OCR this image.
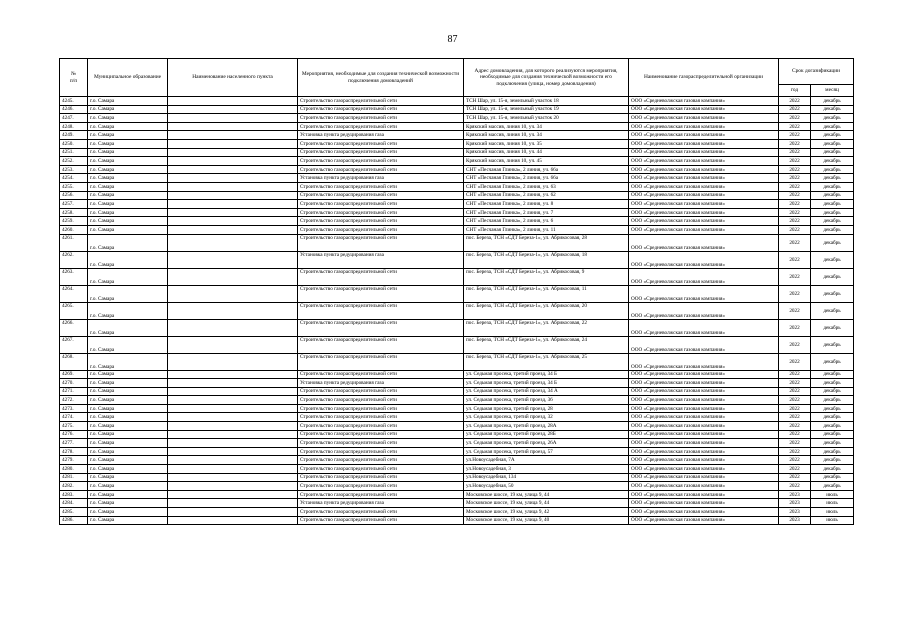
87
№
п/п	Муниципальное образование	Наименование населенного пункта	Мероприятия, необходимые для создания технической возможности подключения домовладений	Адрес домовладения, для которого реализуются мероприятия, необходимые для создания технической возможности его подключения (улица, номер домовладения)	Наименование газораспределительной организации	Срок догазификации	
						год	месяц
4245.	г.о. Самара		Строительство газораспределительной сети	ТСН Шар, ул. 15-я, земельный участок 18	ООО «Средневолжская газовая компания»	2022	декабрь
4246.	г.о. Самара		Строительство газораспределительной сети	ТСН Шар, ул. 15-я, земельный участок 19	ООО «Средневолжская газовая компания»	2022	декабрь
4247.	г.о. Самара		Строительство газораспределительной сети	ТСН Шар, ул. 15-я, земельный участок 20	ООО «Средневолжская газовая компания»	2022	декабрь
4248.	г.о. Самара		Строительство газораспределительной сети	Крякский массив, линия 10, уч. 34	ООО «Средневолжская газовая компания»	2022	декабрь
4249.	г.о. Самара		Установка пункта редуцирования газа	Крякский массив, линия 10, уч. 34	ООО «Средневолжская газовая компания»	2022	декабрь
4250.	г.о. Самара		Строительство газораспределительной сети	Крякский массив, линия 10, уч. 35	ООО «Средневолжская газовая компания»	2022	декабрь
4251.	г.о. Самара		Строительство газораспределительной сети	Крякский массив, линия 10, уч. 44	ООО «Средневолжская газовая компания»	2022	декабрь
4252.	г.о. Самара		Строительство газораспределительной сети	Крякский массив, линия 10, уч. 45	ООО «Средневолжская газовая компания»	2022	декабрь
4253.	г.о. Самара		Строительство газораспределительной сети	СНТ «Песчаная Глинка», 2 линия, уч. 66а	ООО «Средневолжская газовая компания»	2022	декабрь
4254.	г.о. Самара		Установка пункта редуцирования газа	СНТ «Песчаная Глинка», 2 линия, уч. 66а	ООО «Средневолжская газовая компания»	2022	декабрь
4255.	г.о. Самара		Строительство газораспределительной сети	СНТ «Песчаная Глинка», 2 линия, уч. 63	ООО «Средневолжская газовая компания»	2022	декабрь
4256.	г.о. Самара		Строительство газораспределительной сети	СНТ «Песчаная Глинка», 2 линия, уч. 62	ООО «Средневолжская газовая компания»	2022	декабрь
4257.	г.о. Самара		Строительство газораспределительной сети	СНТ «Песчаная Глинка», 2 линия, уч. 8	ООО «Средневолжская газовая компания»	2022	декабрь
4258.	г.о. Самара		Строительство газораспределительной сети	СНТ «Песчаная Глинка», 2 линия, уч. 7	ООО «Средневолжская газовая компания»	2022	декабрь
4259.	г.о. Самара		Строительство газораспределительной сети	СНТ «Песчаная Глинка», 2 линия, уч. 6	ООО «Средневолжская газовая компания»	2022	декабрь
4260.	г.о. Самара		Строительство газораспределительной сети	СНТ «Песчаная Глинка», 2 линия, уч. 11	ООО «Средневолжская газовая компания»	2022	декабрь
4261.	г.о. Самара		Строительство газораспределительной сети	пос. Береза, ТСН «СДТ Береза-1», ул. Абрикосовая, 28	ООО «Средневолжская газовая компания»	2022	декабрь
4262.	г.о. Самара		Установка пункта редуцирования газа	пос. Береза, ТСН «СДТ Береза-1», ул. Абрикосовая, 18	ООО «Средневолжская газовая компания»	2022	декабрь
4263.	г.о. Самара		Строительство газораспределительной сети	пос. Береза, ТСН «СДТ Береза-1», ул. Абрикосовая, 9	ООО «Средневолжская газовая компания»	2022	декабрь
4264.	г.о. Самара		Строительство газораспределительной сети	пос. Береза, ТСН «СДТ Береза-1», ул. Абрикосовая, 11	ООО «Средневолжская газовая компания»	2022	декабрь
4265.	г.о. Самара		Строительство газораспределительной сети	пос. Береза, ТСН «СДТ Береза-1», ул. Абрикосовая, 20	ООО «Средневолжская газовая компания»	2022	декабрь
4266.	г.о. Самара		Строительство газораспределительной сети	пос. Береза, ТСН «СДТ Береза-1», ул. Абрикосовая, 22	ООО «Средневолжская газовая компания»	2022	декабрь
4267.	г.о. Самара		Строительство газораспределительной сети	пос. Береза, ТСН «СДТ Береза-1», ул. Абрикосовая, 24	ООО «Средневолжская газовая компания»	2022	декабрь
4268.	г.о. Самара		Строительство газораспределительной сети	пос. Береза, ТСН «СДТ Береза-1», ул. Абрикосовая, 25	ООО «Средневолжская газовая компания»	2022	декабрь
4269.	г.о. Самара		Строительство газораспределительной сети	ул. Седьмая просека, третий проезд, 34 Б	ООО «Средневолжская газовая компания»	2022	декабрь
4270.	г.о. Самара		Установка пункта редуцирования газа	ул. Седьмая просека, третий проезд, 34 Б	ООО «Средневолжская газовая компания»	2022	декабрь
4271.	г.о. Самара		Строительство газораспределительной сети	ул. Седьмая просека, третий проезд, 34 А	ООО «Средневолжская газовая компания»	2022	декабрь
4272.	г.о. Самара		Строительство газораспределительной сети	ул. Седьмая просека, третий проезд, 36	ООО «Средневолжская газовая компания»	2022	декабрь
4273.	г.о. Самара		Строительство газораспределительной сети	ул. Седьмая просека, третий проезд, 28	ООО «Средневолжская газовая компания»	2022	декабрь
4274.	г.о. Самара		Строительство газораспределительной сети	ул. Седьмая просека, третий проезд, 32	ООО «Средневолжская газовая компания»	2022	декабрь
4275.	г.о. Самара		Строительство газораспределительной сети	ул. Седьмая просека, третий проезд, 28А	ООО «Средневолжская газовая компания»	2022	декабрь
4276.	г.о. Самара		Строительство газораспределительной сети	ул. Седьмая просека, третий проезд, 28Б	ООО «Средневолжская газовая компания»	2022	декабрь
4277.	г.о. Самара		Строительство газораспределительной сети	ул. Седьмая просека, третий проезд, 26А	ООО «Средневолжская газовая компания»	2022	декабрь
4278.	г.о. Самара		Строительство газораспределительной сети	ул. Седьмая просека, третий проезд, 57	ООО «Средневолжская газовая компания»	2022	декабрь
4279.	г.о. Самара		Строительство газораспределительной сети	ул.Новоусадебная, 7А	ООО «Средневолжская газовая компания»	2022	декабрь
4280.	г.о. Самара		Строительство газораспределительной сети	ул.Новоусадебная, 3	ООО «Средневолжская газовая компания»	2022	декабрь
4281.	г.о. Самара		Строительство газораспределительной сети	ул.Новоусадебная, 134	ООО «Средневолжская газовая компания»	2022	декабрь
4282.	г.о. Самара		Строительство газораспределительной сети	ул.Новоусадебная, 50	ООО «Средневолжская газовая компания»	2022	декабрь
4283.	г.о. Самара		Строительство газораспределительной сети	Московское шоссе, 19 км, улица 9, 44	ООО «Средневолжская газовая компания»	2023	июль
4284.	г.о. Самара		Установка пункта редуцирования газа	Московское шоссе, 19 км, улица 9, 44	ООО «Средневолжская газовая компания»	2023	июль
4285.	г.о. Самара		Строительство газораспределительной сети	Московское шоссе, 19 км, улица 9, 42	ООО «Средневолжская газовая компания»	2023	июль
4286.	г.о. Самара		Строительство газораспределительной сети	Московское шоссе, 19 км, улица 9, 40	ООО «Средневолжская газовая компания»	2023	июль
